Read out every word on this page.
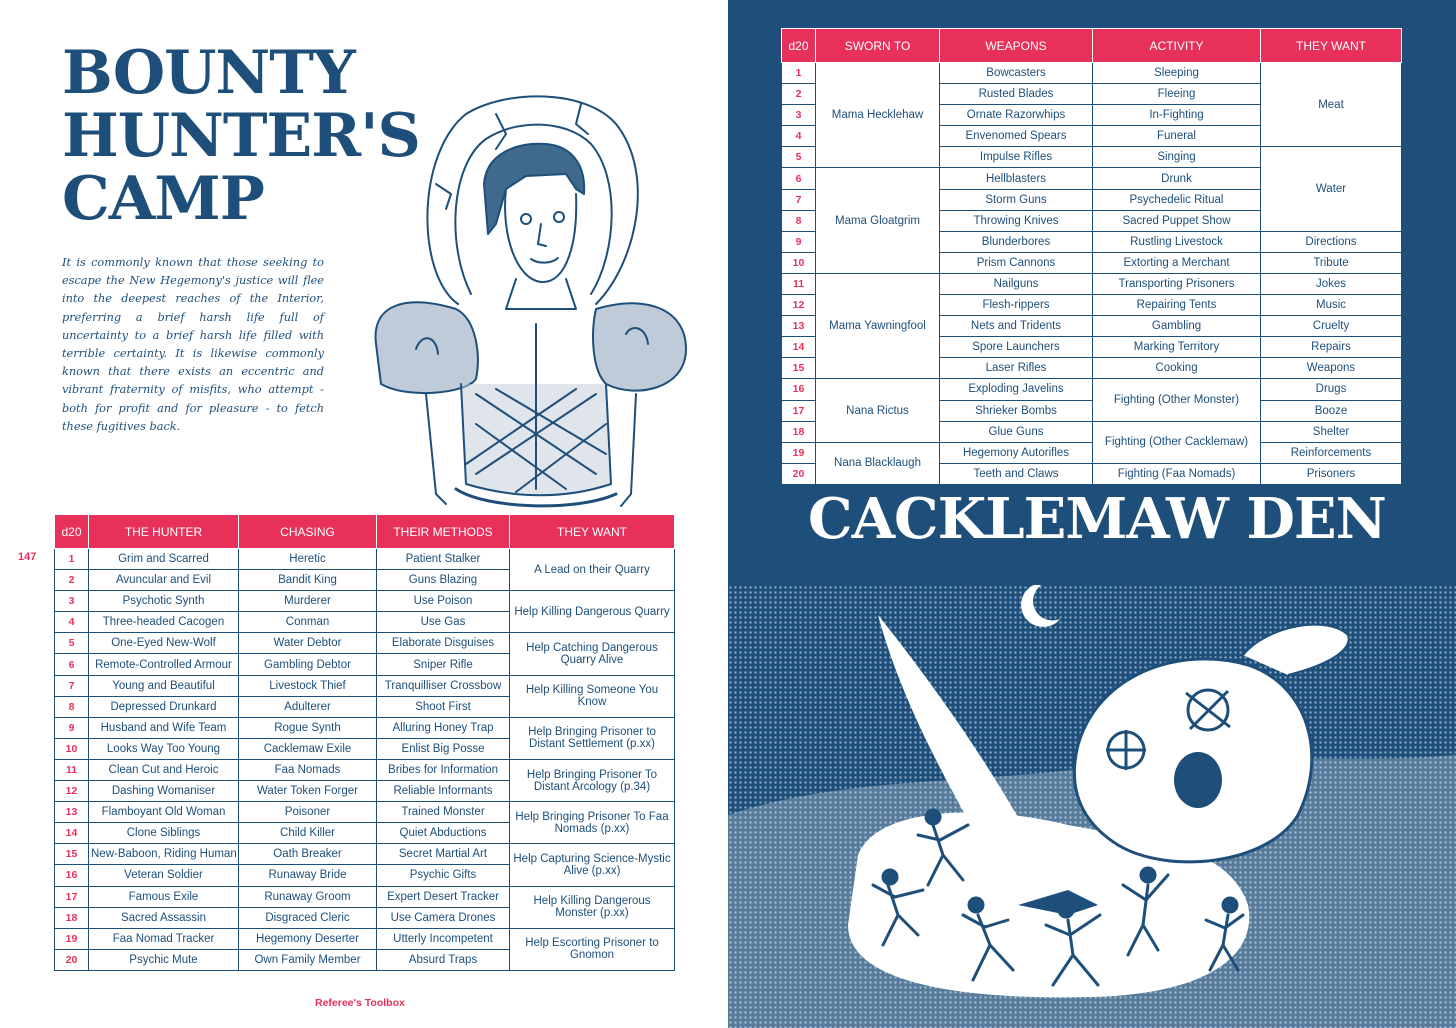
BOUNTY
HUNTER'S
CAMP

It is commonly known that those seeking to escape the New Hegemony's justice will flee into the deepest reaches of the Interior, preferring a brief harsh life full of uncertainty to a brief harsh life filled with terrible certainty. It is likewise commonly known that there exists an eccentric and vibrant fraternity of misfits, who attempt - both for profit and for pleasure - to fetch these fugitives back.

147
d20	THE HUNTER	CHASING	THEIR METHODS	THEY WANT
1	Grim and Scarred	Heretic	Patient Stalker	A Lead on their Quarry
2	Avuncular and Evil	Bandit King	Guns Blazing	
3	Psychotic Synth	Murderer	Use Poison	Help Killing Dangerous Quarry
4	Three-headed Cacogen	Conman	Use Gas	
5	One-Eyed New-Wolf	Water Debtor	Elaborate Disguises	Help Catching Dangerous Quarry Alive
6	Remote-Controlled Armour	Gambling Debtor	Sniper Rifle	
7	Young and Beautiful	Livestock Thief	Tranquilliser Crossbow	Help Killing Someone You Know
8	Depressed Drunkard	Adulterer	Shoot First	
9	Husband and Wife Team	Rogue Synth	Alluring Honey Trap	Help Bringing Prisoner to Distant Settlement (p.xx)
10	Looks Way Too Young	Cacklemaw Exile	Enlist Big Posse	
11	Clean Cut and Heroic	Faa Nomads	Bribes for Information	Help Bringing Prisoner To Distant Arcology (p.34)
12	Dashing Womaniser	Water Token Forger	Reliable Informants	
13	Flamboyant Old Woman	Poisoner	Trained Monster	Help Bringing Prisoner To Faa Nomads (p.xx)
14	Clone Siblings	Child Killer	Quiet Abductions	
15	New-Baboon, Riding Human	Oath Breaker	Secret Martial Art	Help Capturing Science-Mystic Alive (p.xx)
16	Veteran Soldier	Runaway Bride	Psychic Gifts	
17	Famous Exile	Runaway Groom	Expert Desert Tracker	Help Killing Dangerous Monster (p.xx)
18	Sacred Assassin	Disgraced Cleric	Use Camera Drones	
19	Faa Nomad Tracker	Hegemony Deserter	Utterly Incompetent	Help Escorting Prisoner to Gnomon
20	Psychic Mute	Own Family Member	Absurd Traps	
Referee's Toolbox
d20	SWORN TO	WEAPONS	ACTIVITY	THEY WANT
1	Mama Hecklehaw	Bowcasters	Sleeping	Meat
2		Rusted Blades	Fleeing	
3		Ornate Razorwhips	In-Fighting	
4		Envenomed Spears	Funeral	
5		Impulse Rifles	Singing	Water
6	Mama Gloatgrim	Hellblasters	Drunk	
7		Storm Guns	Psychedelic Ritual	
8		Throwing Knives	Sacred Puppet Show	
9		Blunderbores	Rustling Livestock	Directions
10		Prism Cannons	Extorting a Merchant	Tribute
11	Mama Yawningfool	Nailguns	Transporting Prisoners	Jokes
12		Flesh-rippers	Repairing Tents	Music
13		Nets and Tridents	Gambling	Cruelty
14		Spore Launchers	Marking Territory	Repairs
15		Laser Rifles	Cooking	Weapons
16	Nana Rictus	Exploding Javelins	Fighting (Other Monster)	Drugs
17		Shrieker Bombs		Booze
18		Glue Guns	Fighting (Other Cacklemaw)	Shelter
19	Nana Blacklaugh	Hegemony Autorifles		Reinforcements
20		Teeth and Claws	Fighting (Faa Nomads)	Prisoners
CACKLEMAW DEN
